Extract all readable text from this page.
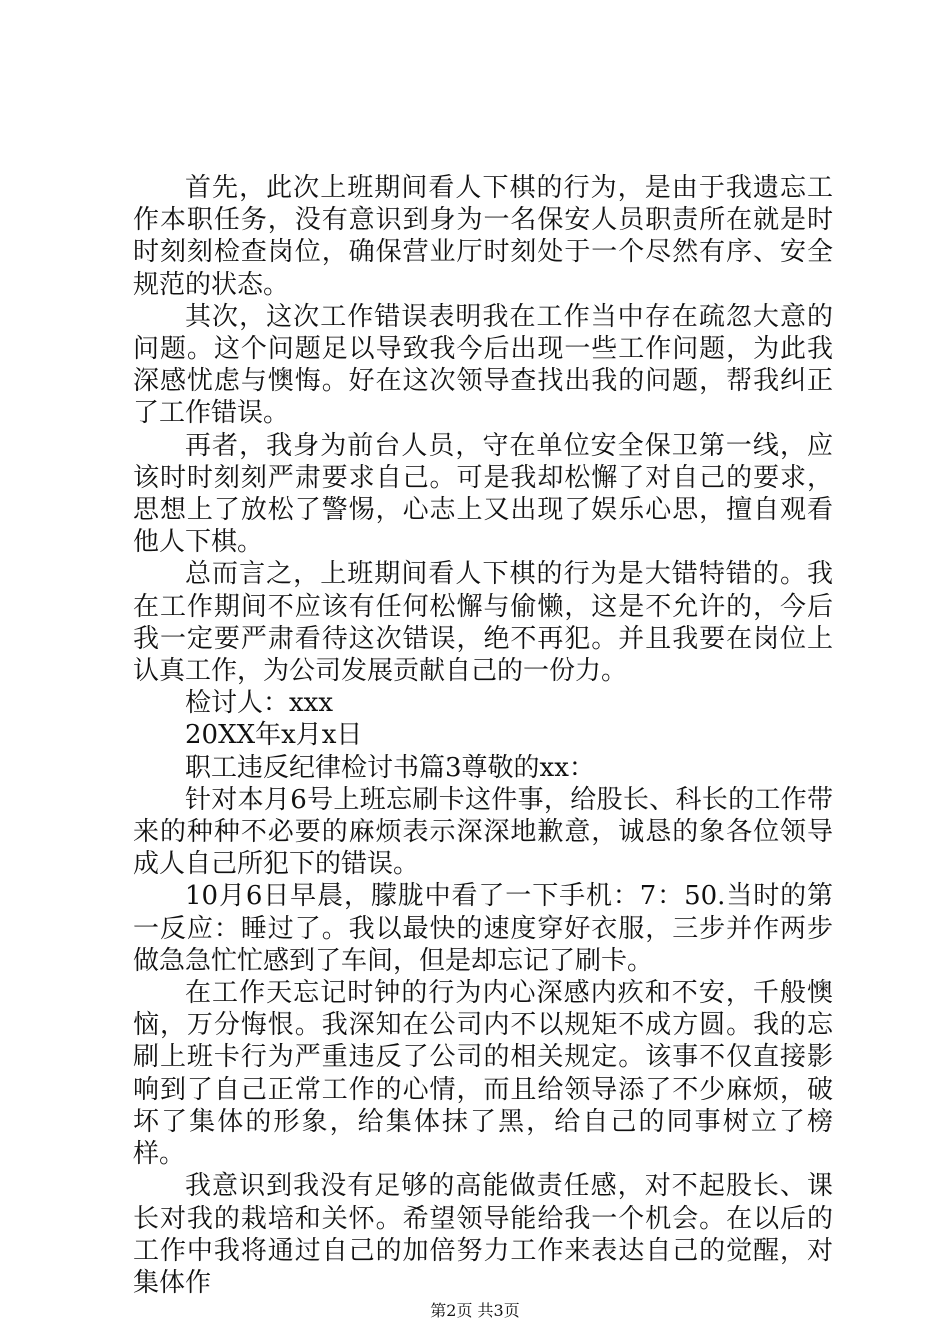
首先，此次上班期间看人下棋的行为，是由于我遗忘工作本职任务，没有意识到身为一名保安人员职责所在就是时时刻刻检查岗位，确保营业厅时刻处于一个尽然有序、安全规范的状态。

其次，这次工作错误表明我在工作当中存在疏忽大意的问题。这个问题足以导致我今后出现一些工作问题，为此我深感忧虑与懊悔。好在这次领导查找出我的问题，帮我纠正了工作错误。

再者，我身为前台人员，守在单位安全保卫第一线，应该时时刻刻严肃要求自己。可是我却松懈了对自己的要求，思想上了放松了警惕，心志上又出现了娱乐心思，擅自观看他人下棋。

总而言之，上班期间看人下棋的行为是大错特错的。我在工作期间不应该有任何松懈与偷懒，这是不允许的，今后我一定要严肃看待这次错误，绝不再犯。并且我要在岗位上认真工作，为公司发展贡献自己的一份力。

检讨人：xxx

20XX年x月x日

职工违反纪律检讨书篇3尊敬的xx：

针对本月6号上班忘刷卡这件事，给股长、科长的工作带来的种种不必要的麻烦表示深深地歉意，诚恳的象各位领导成人自己所犯下的错误。

10月6日早晨，朦胧中看了一下手机：7：50.当时的第一反应：睡过了。我以最快的速度穿好衣服，三步并作两步做急急忙忙感到了车间，但是却忘记了刷卡。

在工作天忘记时钟的行为内心深感内疚和不安，千般懊恼，万分悔恨。我深知在公司内不以规矩不成方圆。我的忘刷上班卡行为严重违反了公司的相关规定。该事不仅直接影响到了自己正常工作的心情，而且给领导添了不少麻烦，破坏了集体的形象，给集体抹了黑，给自己的同事树立了榜样。

我意识到我没有足够的高能做责任感，对不起股长、课长对我的栽培和关怀。希望领导能给我一个机会。在以后的工作中我将通过自己的加倍努力工作来表达自己的觉醒，对集体作

第2页 共3页
